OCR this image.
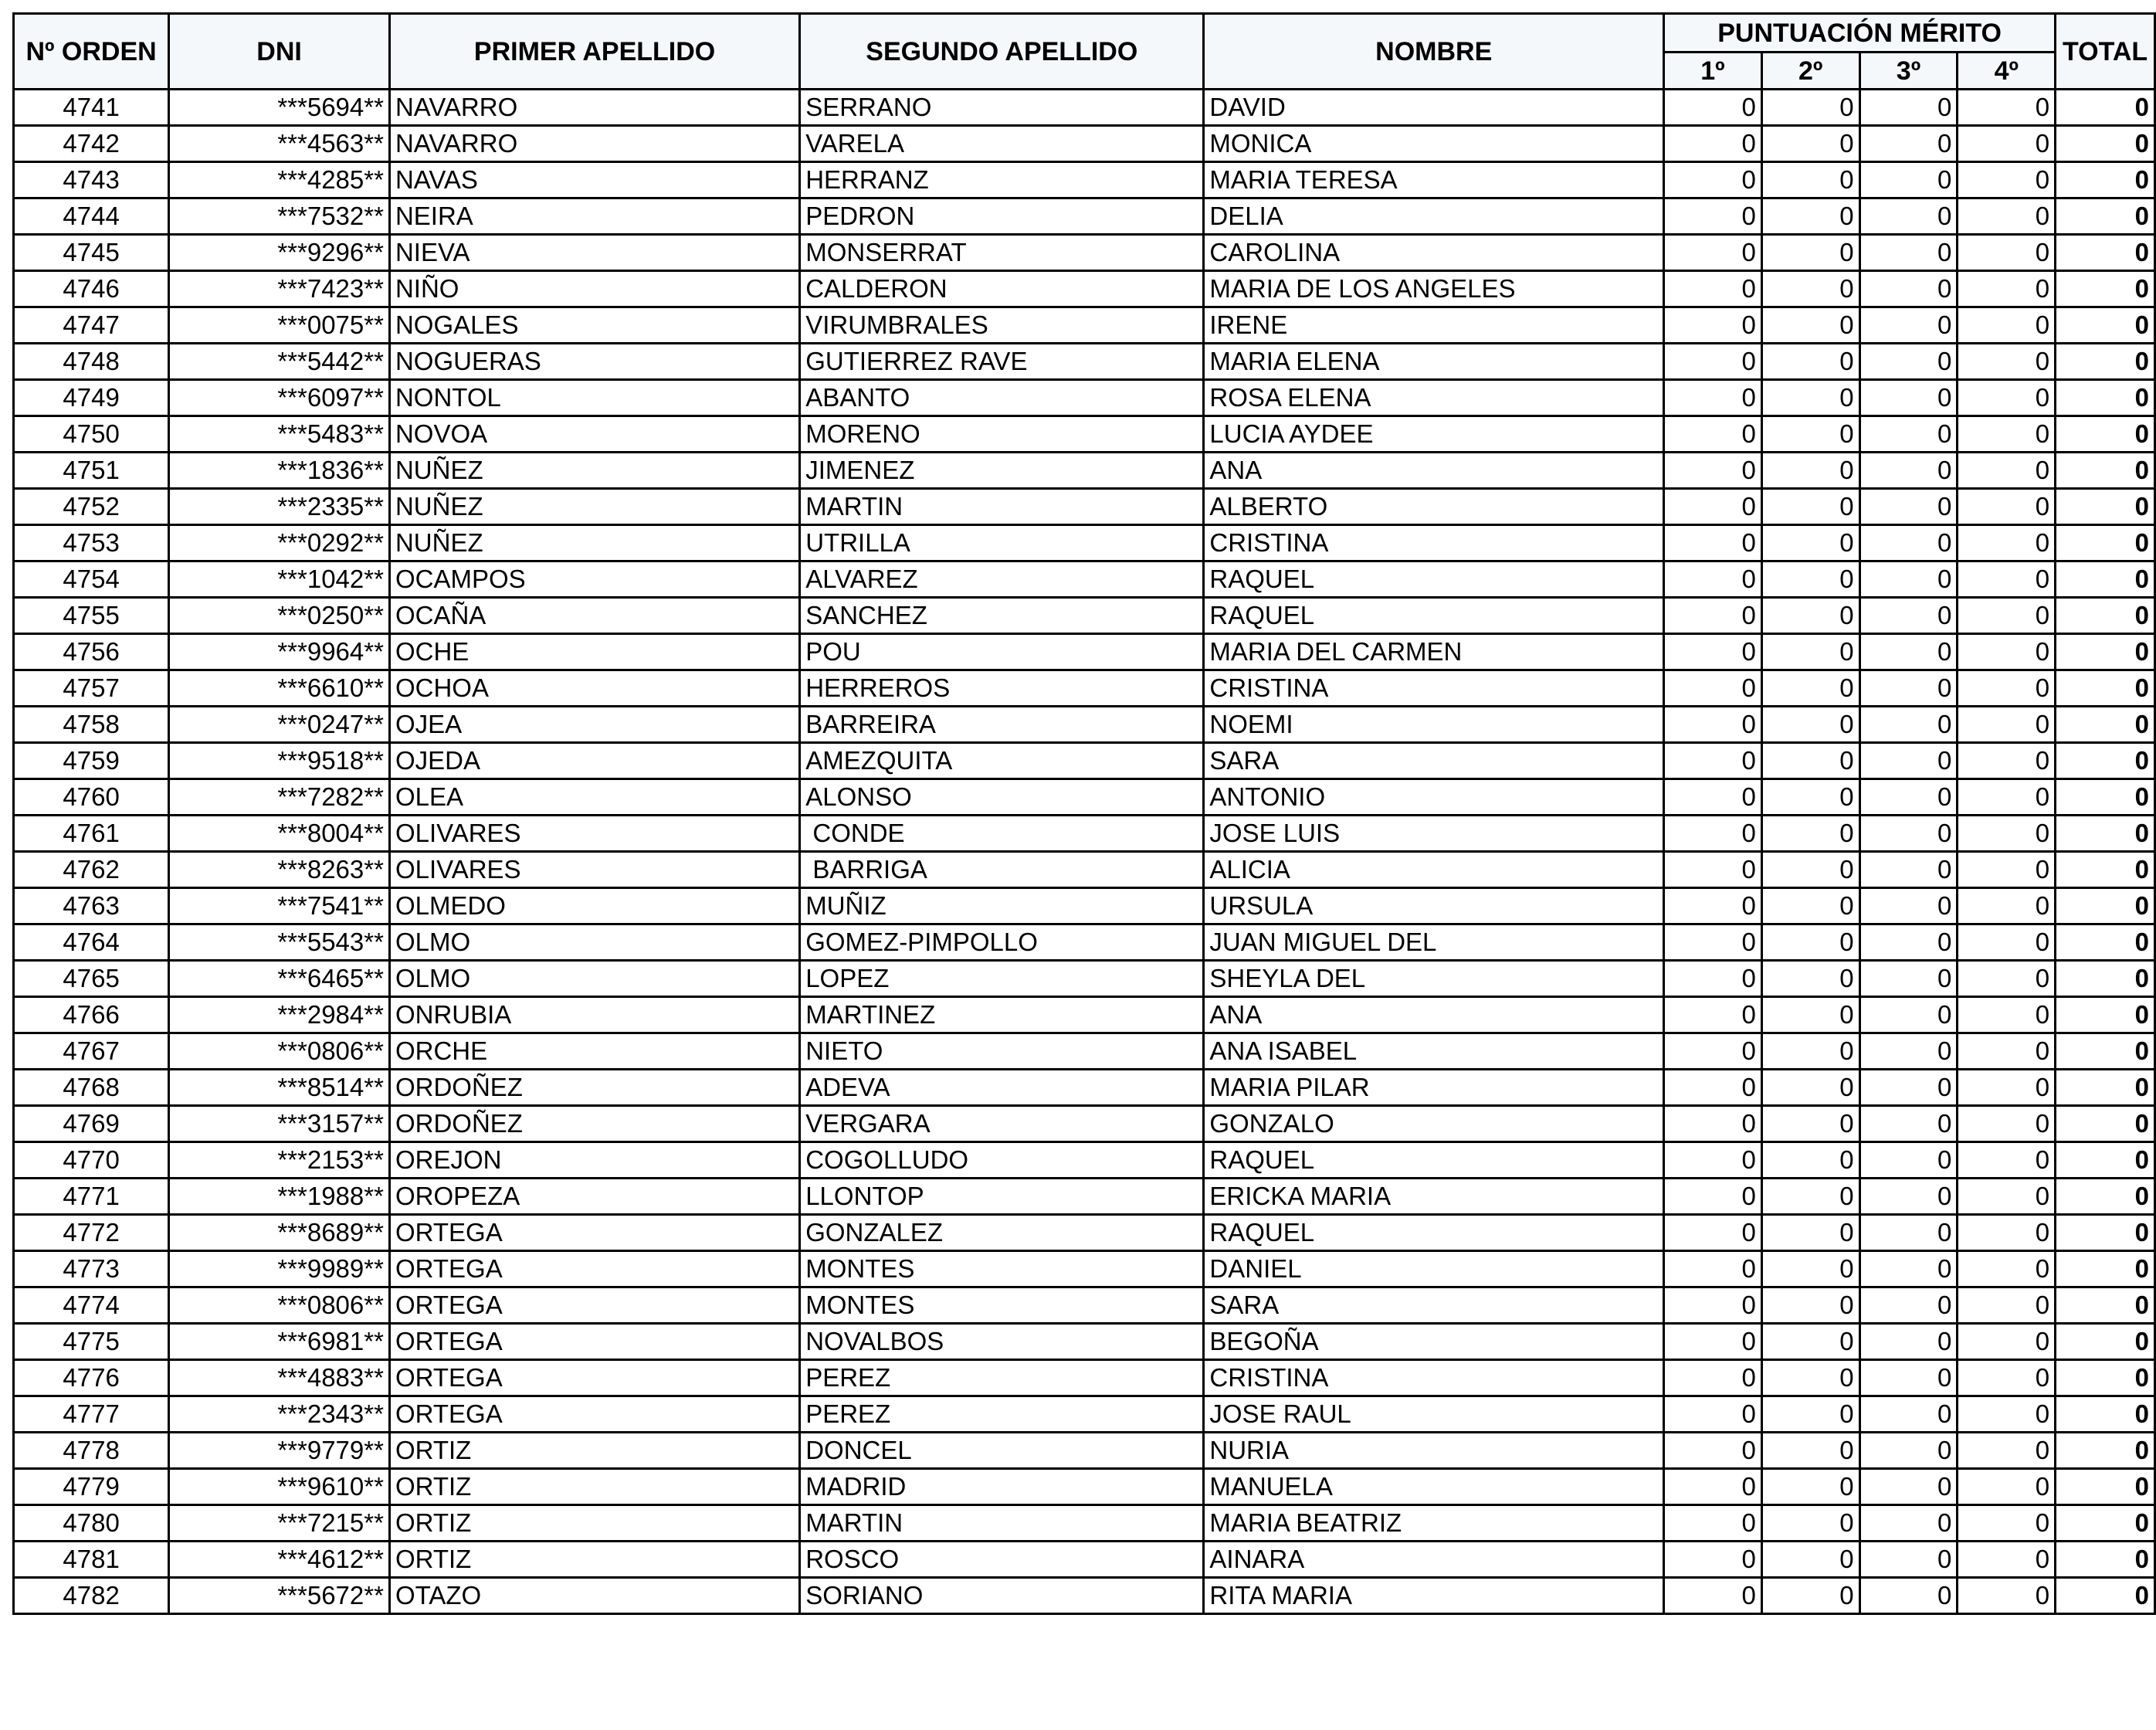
Nº ORDEN	DNI	PRIMER APELLIDO	SEGUNDO APELLIDO	NOMBRE	PUNTUACIÓN MÉRITO				TOTAL
					1º	2º	3º	4º	
4741	***5694**	NAVARRO	SERRANO	DAVID	0	0	0	0	0
4742	***4563**	NAVARRO	VARELA	MONICA	0	0	0	0	0
4743	***4285**	NAVAS	HERRANZ	MARIA TERESA	0	0	0	0	0
4744	***7532**	NEIRA	PEDRON	DELIA	0	0	0	0	0
4745	***9296**	NIEVA	MONSERRAT	CAROLINA	0	0	0	0	0
4746	***7423**	NIÑO	CALDERON	MARIA DE LOS ANGELES	0	0	0	0	0
4747	***0075**	NOGALES	VIRUMBRALES	IRENE	0	0	0	0	0
4748	***5442**	NOGUERAS	GUTIERREZ RAVE	MARIA ELENA	0	0	0	0	0
4749	***6097**	NONTOL	ABANTO	ROSA ELENA	0	0	0	0	0
4750	***5483**	NOVOA	MORENO	LUCIA AYDEE	0	0	0	0	0
4751	***1836**	NUÑEZ	JIMENEZ	ANA	0	0	0	0	0
4752	***2335**	NUÑEZ	MARTIN	ALBERTO	0	0	0	0	0
4753	***0292**	NUÑEZ	UTRILLA	CRISTINA	0	0	0	0	0
4754	***1042**	OCAMPOS	ALVAREZ	RAQUEL	0	0	0	0	0
4755	***0250**	OCAÑA	SANCHEZ	RAQUEL	0	0	0	0	0
4756	***9964**	OCHE	POU	MARIA DEL CARMEN	0	0	0	0	0
4757	***6610**	OCHOA	HERREROS	CRISTINA	0	0	0	0	0
4758	***0247**	OJEA	BARREIRA	NOEMI	0	0	0	0	0
4759	***9518**	OJEDA	AMEZQUITA	SARA	0	0	0	0	0
4760	***7282**	OLEA	ALONSO	ANTONIO	0	0	0	0	0
4761	***8004**	OLIVARES	CONDE	JOSE LUIS	0	0	0	0	0
4762	***8263**	OLIVARES	BARRIGA	ALICIA	0	0	0	0	0
4763	***7541**	OLMEDO	MUÑIZ	URSULA	0	0	0	0	0
4764	***5543**	OLMO	GOMEZ-PIMPOLLO	JUAN MIGUEL DEL	0	0	0	0	0
4765	***6465**	OLMO	LOPEZ	SHEYLA DEL	0	0	0	0	0
4766	***2984**	ONRUBIA	MARTINEZ	ANA	0	0	0	0	0
4767	***0806**	ORCHE	NIETO	ANA ISABEL	0	0	0	0	0
4768	***8514**	ORDOÑEZ	ADEVA	MARIA PILAR	0	0	0	0	0
4769	***3157**	ORDOÑEZ	VERGARA	GONZALO	0	0	0	0	0
4770	***2153**	OREJON	COGOLLUDO	RAQUEL	0	0	0	0	0
4771	***1988**	OROPEZA	LLONTOP	ERICKA MARIA	0	0	0	0	0
4772	***8689**	ORTEGA	GONZALEZ	RAQUEL	0	0	0	0	0
4773	***9989**	ORTEGA	MONTES	DANIEL	0	0	0	0	0
4774	***0806**	ORTEGA	MONTES	SARA	0	0	0	0	0
4775	***6981**	ORTEGA	NOVALBOS	BEGOÑA	0	0	0	0	0
4776	***4883**	ORTEGA	PEREZ	CRISTINA	0	0	0	0	0
4777	***2343**	ORTEGA	PEREZ	JOSE RAUL	0	0	0	0	0
4778	***9779**	ORTIZ	DONCEL	NURIA	0	0	0	0	0
4779	***9610**	ORTIZ	MADRID	MANUELA	0	0	0	0	0
4780	***7215**	ORTIZ	MARTIN	MARIA BEATRIZ	0	0	0	0	0
4781	***4612**	ORTIZ	ROSCO	AINARA	0	0	0	0	0
4782	***5672**	OTAZO	SORIANO	RITA MARIA	0	0	0	0	0
